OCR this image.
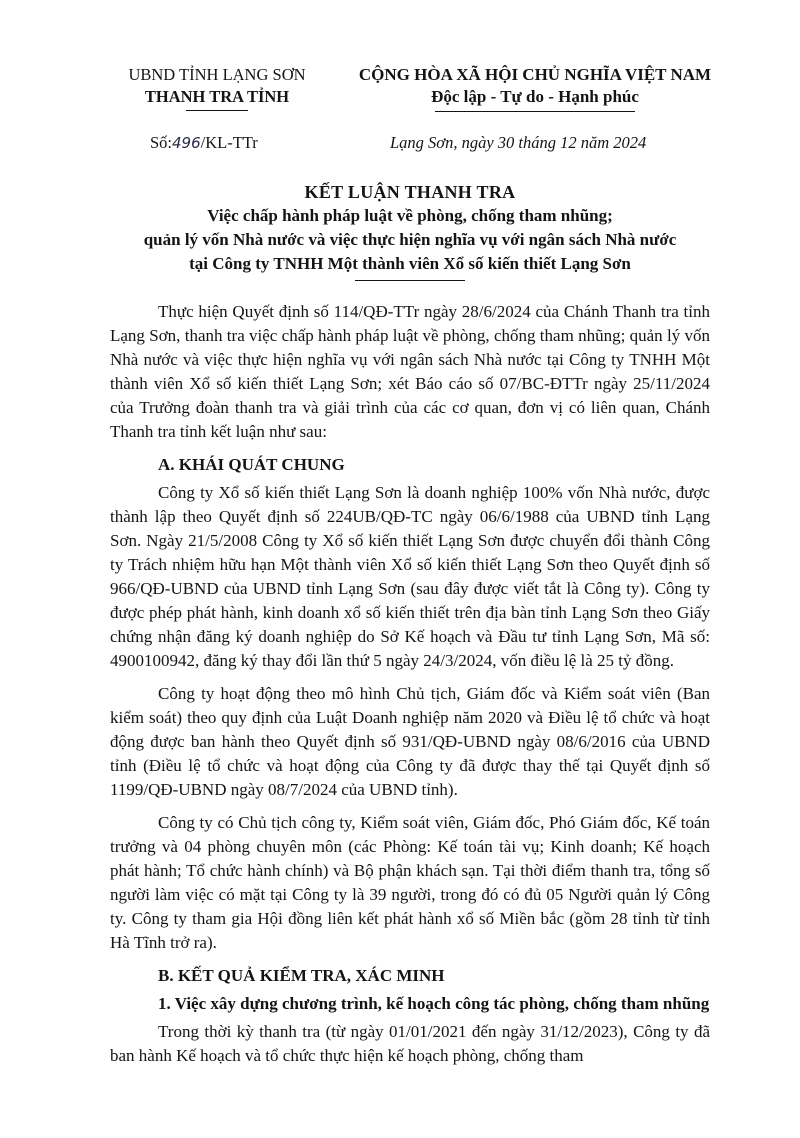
UBND TỈNH LẠNG SƠN
THANH TRA TỈNH
CỘNG HÒA XÃ HỘI CHỦ NGHĨA VIỆT NAM
Độc lập - Tự do - Hạnh phúc
Số:496/KL-TTr	Lạng Sơn, ngày 30 tháng 12 năm 2024
KẾT LUẬN THANH TRA
Việc chấp hành pháp luật về phòng, chống tham nhũng;
quản lý vốn Nhà nước và việc thực hiện nghĩa vụ với ngân sách Nhà nước
tại Công ty TNHH Một thành viên Xổ số kiến thiết Lạng Sơn

Thực hiện Quyết định số 114/QĐ-TTr ngày 28/6/2024 của Chánh Thanh tra tỉnh Lạng Sơn, thanh tra việc chấp hành pháp luật về phòng, chống tham nhũng; quản lý vốn Nhà nước và việc thực hiện nghĩa vụ với ngân sách Nhà nước tại Công ty TNHH Một thành viên Xổ số kiến thiết Lạng Sơn; xét Báo cáo số 07/BC-ĐTTr ngày 25/11/2024 của Trưởng đoàn thanh tra và giải trình của các cơ quan, đơn vị có liên quan, Chánh Thanh tra tỉnh kết luận như sau:

A. KHÁI QUÁT CHUNG

Công ty Xổ số kiến thiết Lạng Sơn là doanh nghiệp 100% vốn Nhà nước, được thành lập theo Quyết định số 224UB/QĐ-TC ngày 06/6/1988 của UBND tỉnh Lạng Sơn. Ngày 21/5/2008 Công ty Xổ số kiến thiết Lạng Sơn được chuyển đổi thành Công ty Trách nhiệm hữu hạn Một thành viên Xổ số kiến thiết Lạng Sơn theo Quyết định số 966/QĐ-UBND của UBND tỉnh Lạng Sơn (sau đây được viết tắt là Công ty). Công ty được phép phát hành, kinh doanh xổ số kiến thiết trên địa bàn tỉnh Lạng Sơn theo Giấy chứng nhận đăng ký doanh nghiệp do Sở Kế hoạch và Đầu tư tỉnh Lạng Sơn, Mã số: 4900100942, đăng ký thay đổi lần thứ 5 ngày 24/3/2024, vốn điều lệ là 25 tỷ đồng.

Công ty hoạt động theo mô hình Chủ tịch, Giám đốc và Kiểm soát viên (Ban kiểm soát) theo quy định của Luật Doanh nghiệp năm 2020 và Điều lệ tổ chức và hoạt động được ban hành theo Quyết định số 931/QĐ-UBND ngày 08/6/2016 của UBND tỉnh (Điều lệ tổ chức và hoạt động của Công ty đã được thay thế tại Quyết định số 1199/QĐ-UBND ngày 08/7/2024 của UBND tỉnh).

Công ty có Chủ tịch công ty, Kiểm soát viên, Giám đốc, Phó Giám đốc, Kế toán trưởng và 04 phòng chuyên môn (các Phòng: Kế toán tài vụ; Kinh doanh; Kế hoạch phát hành; Tổ chức hành chính) và Bộ phận khách sạn. Tại thời điểm thanh tra, tổng số người làm việc có mặt tại Công ty là 39 người, trong đó có đủ 05 Người quản lý Công ty. Công ty tham gia Hội đồng liên kết phát hành xổ số Miền bắc (gồm 28 tỉnh từ tỉnh Hà Tĩnh trở ra).

B. KẾT QUẢ KIỂM TRA, XÁC MINH
1. Việc xây dựng chương trình, kế hoạch công tác phòng, chống tham nhũng

Trong thời kỳ thanh tra (từ ngày 01/01/2021 đến ngày 31/12/2023), Công ty đã ban hành Kế hoạch và tổ chức thực hiện kế hoạch phòng, chống tham
